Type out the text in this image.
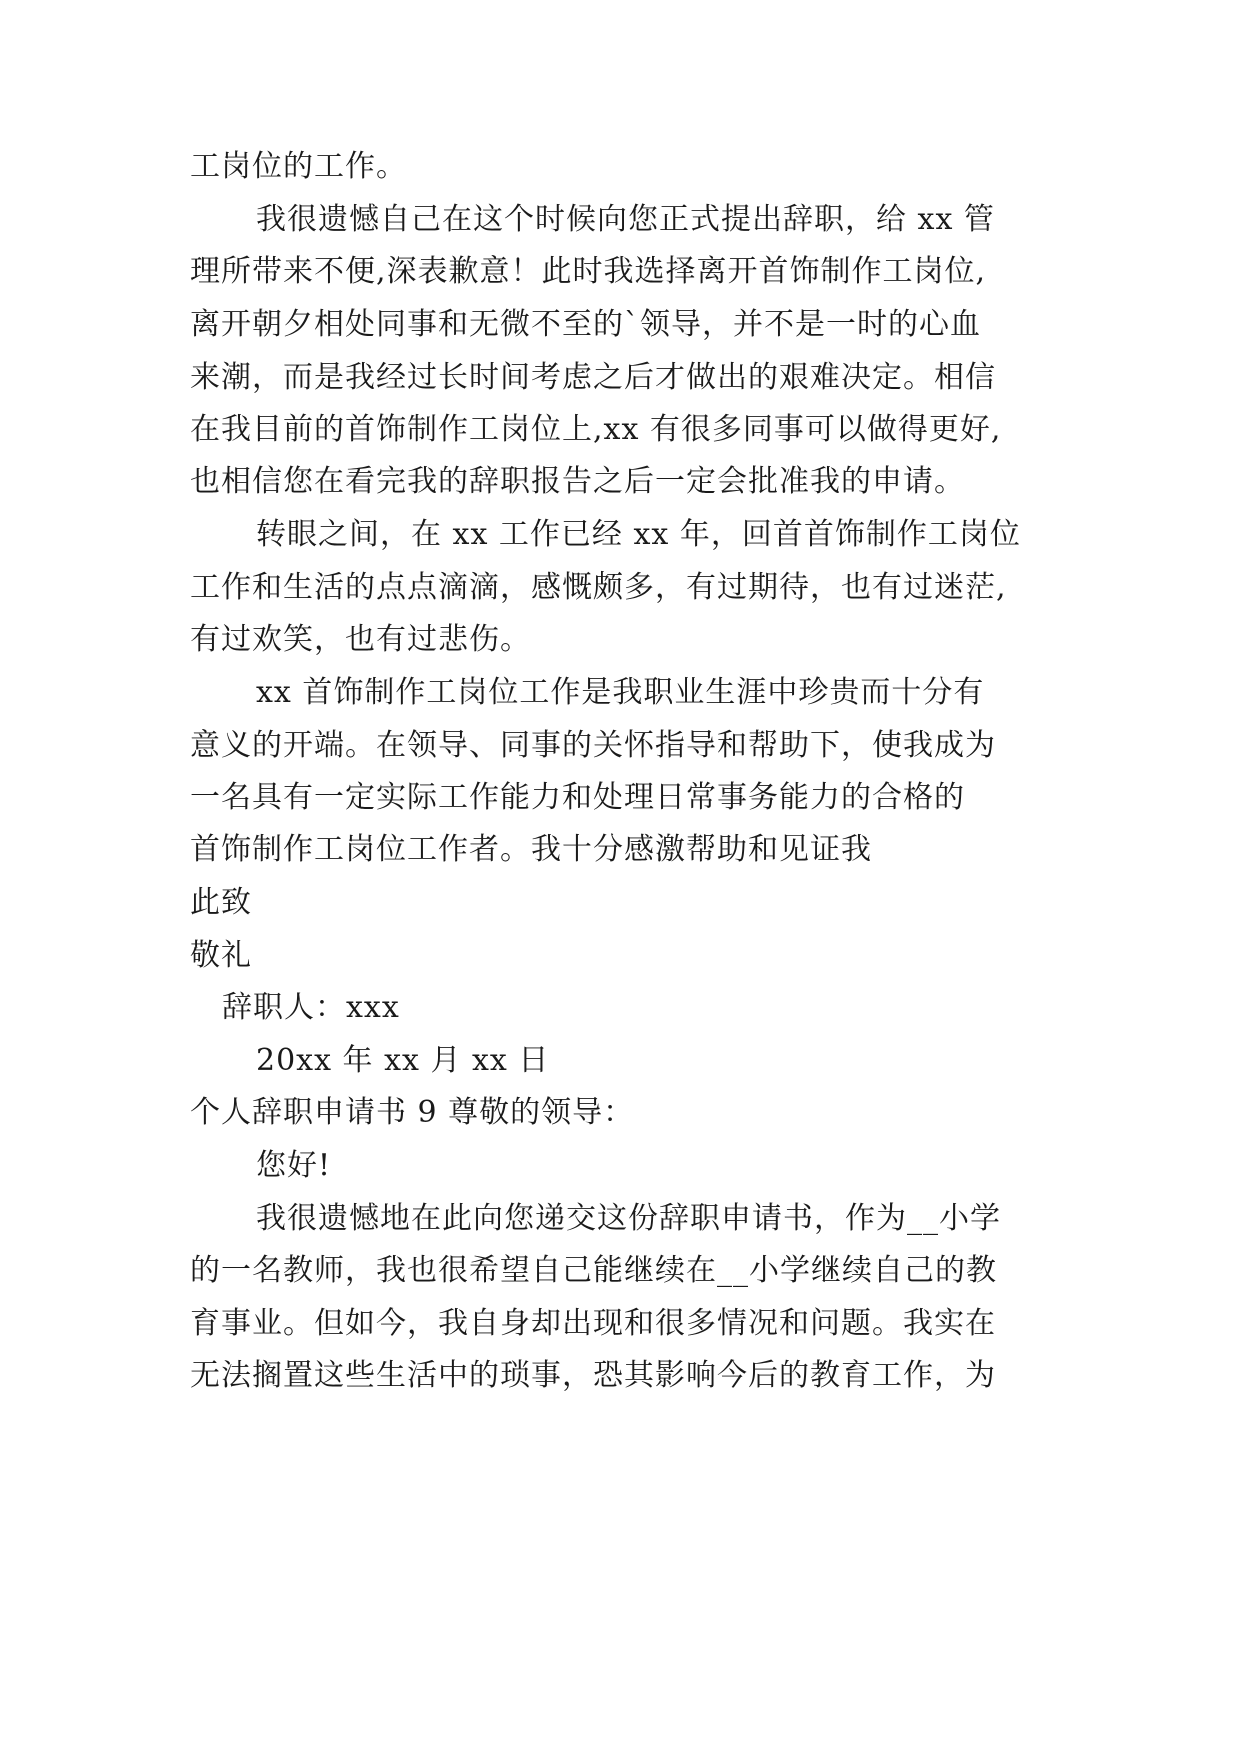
工岗位的工作。
我很遗憾自己在这个时候向您正式提出辞职，给 xx 管
理所带来不便,深表歉意！此时我选择离开首饰制作工岗位,
离开朝夕相处同事和无微不至的`领导，并不是一时的心血
来潮，而是我经过长时间考虑之后才做出的艰难决定。相信
在我目前的首饰制作工岗位上,xx 有很多同事可以做得更好,
也相信您在看完我的辞职报告之后一定会批准我的申请。
转眼之间，在 xx 工作已经 xx 年，回首首饰制作工岗位
工作和生活的点点滴滴，感慨颇多，有过期待，也有过迷茫,
有过欢笑，也有过悲伤。
xx 首饰制作工岗位工作是我职业生涯中珍贵而十分有
意义的开端。在领导、同事的关怀指导和帮助下，使我成为
一名具有一定实际工作能力和处理日常事务能力的合格的
首饰制作工岗位工作者。我十分感激帮助和见证我
此致
敬礼
辞职人：xxx
20xx 年 xx 月 xx 日
个人辞职申请书 9 尊敬的领导：
您好!
我很遗憾地在此向您递交这份辞职申请书，作为__小学
的一名教师，我也很希望自己能继续在__小学继续自己的教
育事业。但如今，我自身却出现和很多情况和问题。我实在
无法搁置这些生活中的琐事，恐其影响今后的教育工作，为
